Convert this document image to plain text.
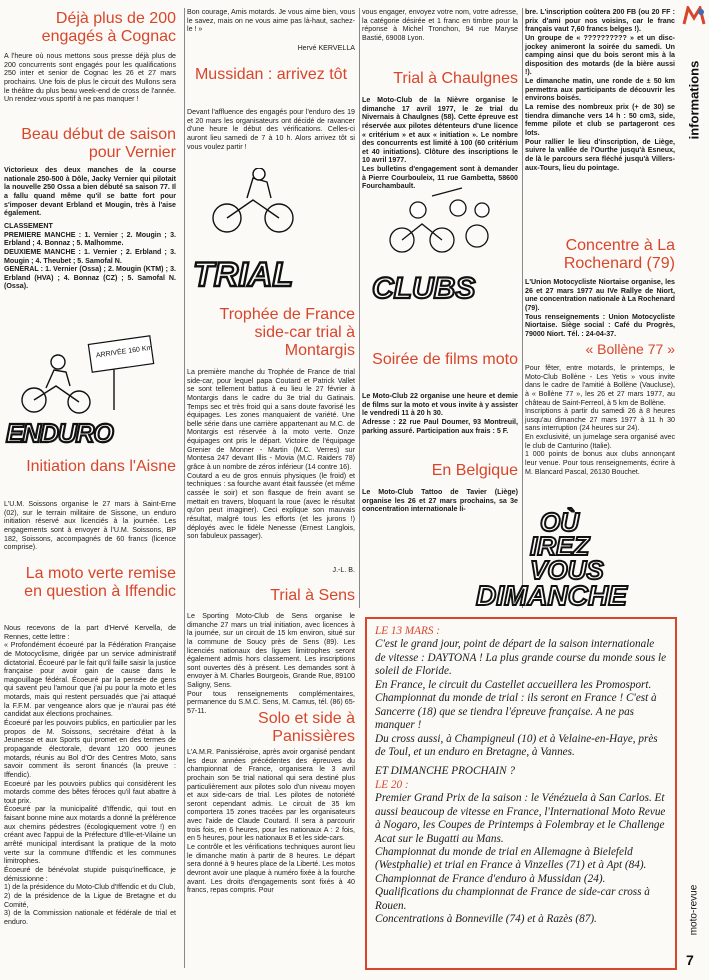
Déjà plus de 200 engagés à Cognac

A l'heure où nous mettons sous presse déjà plus de 200 concurrents sont engagés pour les qualifications 250 inter et senior de Cognac les 26 et 27 mars prochains. Une fois de plus le circuit des Mullons sera le théâtre du plus beau week-end de cross de l'année. Un rendez-vous sportif à ne pas manquer !

Beau début de saison pour Vernier

Victorieux des deux manches de la course nationale 250-500 à Dôle, Jacky Vernier qui pilotait la nouvelle 250 Ossa a bien débuté sa saison 77. Il a fallu quand même qu'il se batte fort pour s'imposer devant Erbland et Mougin, très à l'aise également.

CLASSEMENT
PREMIERE MANCHE : 1. Vernier ; 2. Mougin ; 3. Erbland ; 4. Bonnaz ; 5. Malhomme.
DEUXIEME MANCHE : 1. Vernier ; 2. Erbland ; 3. Mougin ; 4. Theubet ; 5. Samofal N.
GENERAL : 1. Vernier (Ossa) ; 2. Mougin (KTM) ; 3. Erbland (HVA) ; 4. Bonnaz (CZ) ; 5. Samofal N. (Ossa).

ARRIVÉE 160 Km
ENDURO
Initiation dans l'Aisne

L'U.M. Soissons organise le 27 mars à Saint-Erne (02), sur le terrain militaire de Sissone, un enduro initiation réservé aux licenciés à la journée. Les engagements sont à envoyer à l'U.M. Soissons, BP 182, Soissons, accompagnés de 60 francs (licence comprise).

La moto verte remise en question à Iffendic

Nous recevons de la part d'Hervé Kervella, de Rennes, cette lettre :
« Profondément écoeuré par la Fédération Française de Motocyclisme, dirigée par un service administratif dictatorial. Écoeuré par le fait qu'il faille saisir la justice française pour avoir gain de cause dans le magouillage fédéral. Écoeuré par la pensée de gens qui savent peu l'amour que j'ai pu pour la moto et les motards, mais qui restent persuadés que j'ai attaqué la F.F.M. par vengeance alors que je n'aurai pas été candidat aux élections prochaines.
Écoeuré par les pouvoirs publics, en particulier par les propos de M. Soissons, secrétaire d'état à la Jeunesse et aux Sports qui promet en des termes de propagande électorale, devant 120 000 jeunes motards, réunis au Bol d'Or des Centres Moto, sans savoir comment ils seront financés (la preuve : Iffendic).
Ecoeuré par les pouvoirs publics qui considèrent les motards comme des bêtes féroces qu'il faut abattre à tout prix.
Écoeuré par la municipalité d'Iffendic, qui tout en faisant bonne mine aux motards a donné la préférence aux chemins pédestres (écologiquement votre !) en créant avec l'appui de la Préfecture d'Ille-et-Vilaine un arrêté municipal interdisant la pratique de la moto verte sur la commune d'Iffendic et les communes limitrophes.
Écoeuré de bénévolat stupide puisqu'inefficace, je démissionne :
1) de la présidence du Moto-Club d'Iffendic et du Club,
2) de la présidence de la Ligue de Bretagne et du Comité,
3) de la Commission nationale et fédérale de trial et enduro.

Bon courage, Amis motards. Je vous aime bien, vous le savez, mais on ne vous aime pas là-haut, sachez-le ! »

Hervé KERVELLA

Mussidan : arrivez tôt

Devant l'affluence des engagés pour l'enduro des 19 et 20 mars les organisateurs ont décidé de ravancer d'une heure le début des vérifications. Celles-ci auront lieu samedi de 7 à 10 h. Alors arrivez tôt si vous voulez partir !

TRIAL
Trophée de France side-car trial à Montargis

La première manche du Trophée de France de trial side-car, pour lequel papa Coutard et Patrick Vallet se sont tellement battus à eu lieu le 27 février à Montargis dans le cadre du 3e trial du Gatinais. Temps sec et très froid qui a sans doute favorisé les équipages. Les zones manquaient de variété. Une belle série dans une carrière appartenant au M.C. de Montargis est réservée à la moto verte. Onze équipages ont pris le départ. Victoire de l'équipage Grenier de Monner - Martin (M.C. Verres) sur Montesa 247 devant Illis - Movia (M.C. Raiders 78) grâce à un nombre de zéros inférieur (14 contre 16).
Coutard a eu de gros ennuis physiques (le froid) et techniques : sa fourche avant était faussée (et même cassée le soir) et son flasque de frein avant se mettait en travers, bloquant la roue (avec le résultat qu'on peut imaginer). Ceci explique son mauvais résultat, malgré tous les efforts (et les jurons !) déployés avec le fidèle Nenesse (Ernest Langlois, son fabuleux passager).

J.-L. B.

Trial à Sens

Le Sporting Moto-Club de Sens organise le dimanche 27 mars un trial initiation, avec licences à la journée, sur un circuit de 15 km environ, situé sur la commune de Soucy près de Sens (89). Les licenciés nationaux des ligues limitrophes seront également admis hors classement. Les inscriptions sont ouvertes dès à présent. Les demandes sont à envoyer à M. Charles Bourgeois, Grande Rue, 89100 Saligny, Sens.
Pour tous renseignements complémentaires, permanence du S.M.C. Sens, M. Camus, tél. (86) 65-57-11.	Solo et side à Panissières

L'A.M.R. Panissiéroise, après avoir organisé pendant les deux années précédentes des épreuves du championnat de France, organisera le 3 avril prochain son 5e trial national qui sera destiné plus particulièrement aux pilotes solo d'un niveau moyen et aux side-cars de trial. Les pilotes de notoriété seront cependant admis. Le circuit de 35 km comportera 15 zones tracées par les organisateurs avec l'aide de Claude Coutard. Il sera à parcourir trois fois, en 6 heures, pour les nationaux A : 2 fois, en 5 heures, pour les nationaux B et les side-cars.
Le contrôle et les vérifications techniques auront lieu le dimanche matin à partir de 8 heures. Le départ sera donné à 9 heures place de la Liberté. Les motos devront avoir une plaque à numéro fixée à la fourche avant. Les droits d'engagements sont fixés à 40 francs, repas compris. Pour

vous engager, envoyez votre nom, votre adresse, la catégorie désirée et 1 franc en timbre pour la réponse à Michel Tronchon, 94 rue Maryse Bastié, 69008 Lyon.

Trial à Chaulgnes

Le Moto-Club de la Nièvre organise le dimanche 17 avril 1977, le 2e trial du Nivernais à Chaulgnes (58). Cette épreuve est réservée aux pilotes détenteurs d'une licence « critérium » et aux « initiation ». Le nombre des concurrents est limité à 100 (60 critérium et 40 initiations). Clôture des inscriptions le 10 avril 1977.
Les bulletins d'engagement sont à demander à Pierre Courbouleix, 11 rue Gambetta, 58600 Fourchambault.

CLUBS
Soirée de films moto

Le Moto-Club 22 organise une heure et demie de films sur la moto et vous invite à y assister le vendredi 11 à 20 h 30.
Adresse : 22 rue Paul Doumer, 93 Montreuil, parking assuré. Participation aux frais : 5 F.

En Belgique

Le Moto-Club Tattoo de Tavier (Liège) organise les 26 et 27 mars prochains, sa 3e concentration internationale li-

bre. L'inscription coûtera 200 FB (ou 20 FF : prix d'ami pour nos voisins, car le franc français vaut 7,60 francs belges !).
Un groupe de « ?????????? » et un disc-jockey animeront la soirée du samedi. Un camping ainsi que du bois seront mis à la disposition des motards (de la bière aussi !).
Le dimanche matin, une ronde de ± 50 km permettra aux participants de découvrir les environs boisés.
La remise des nombreux prix (+ de 30) se tiendra dimanche vers 14 h : 50 cm3, side, femme pilote et club se partageront ces lots.
Pour rallier le lieu d'inscription, de Liège, suivre la vallée de l'Ourthe jusqu'à Esneux, de là le parcours sera fléché jusqu'à Villers-aux-Tours, lieu du pointage.

Concentre à La Rochenard (79)

L'Union Motocycliste Niortaise organise, les 26 et 27 mars 1977 au IVe Rallye de Niort, une concentration nationale à La Rochenard (79).
Tous renseignements : Union Motocycliste Niortaise. Siège social : Café du Progrès, 79000 Niort. Tél. : 24-04-37.

« Bollène 77 »

Pour fêter, entre motards, le printemps, le Moto-Club Bollène - Les Yetis » vous invite dans le cadre de l'amitié à Bollène (Vaucluse), à « Bollène 77 », les 26 et 27 mars 1977, au château de Saint-Ferreol, à 5 km de Bollène.
Inscriptions à partir du samedi 26 à 8 heures jusqu'au dimanche 27 mars 1977 à 11 h 30 sans interruption (24 heures sur 24).
En exclusivité, un jumelage sera organisé avec le club de Canturino (Italie).
1 000 points de bonus aux clubs annonçant leur venue. Pour tous renseignements, écrire à M. Blancard Pascal, 26130 Bouchet.

OÙ
IREZ
VOUS
DIMANCHE

LE 13 MARS :

C'est le grand jour, point de départ de la saison internationale de vitesse : DAYTONA ! La plus grande course du monde sous le soleil de Floride.

En France, le circuit du Castellet accueillera les Promosport.

Championnat du monde de trial : ils seront en France ! C'est à Sancerre (18) que se tiendra l'épreuve française. A ne pas manquer !

Du cross aussi, à Champigneul (10) et à Velaine-en-Haye, près de Toul, et un enduro en Bretagne, à Vannes.

ET DIMANCHE PROCHAIN ?

LE 20 :

Premier Grand Prix de la saison : le Vénézuela à San Carlos. Et aussi beaucoup de vitesse en France, l'International Moto Revue à Nogaro, les Coupes de Printemps à Folembray et le Challenge Acat sur le Bugatti au Mans.

Championnat du monde de trial en Allemagne à Bielefeld (Westphalie) et trial en France à Vinzelles (71) et à Apt (84). Championnat de France d'enduro à Mussidan (24). Qualifications du championnat de France de side-car cross à Rouen.

Concentrations à Bonneville (74) et à Razès (87).

informations
moto-revue
7
